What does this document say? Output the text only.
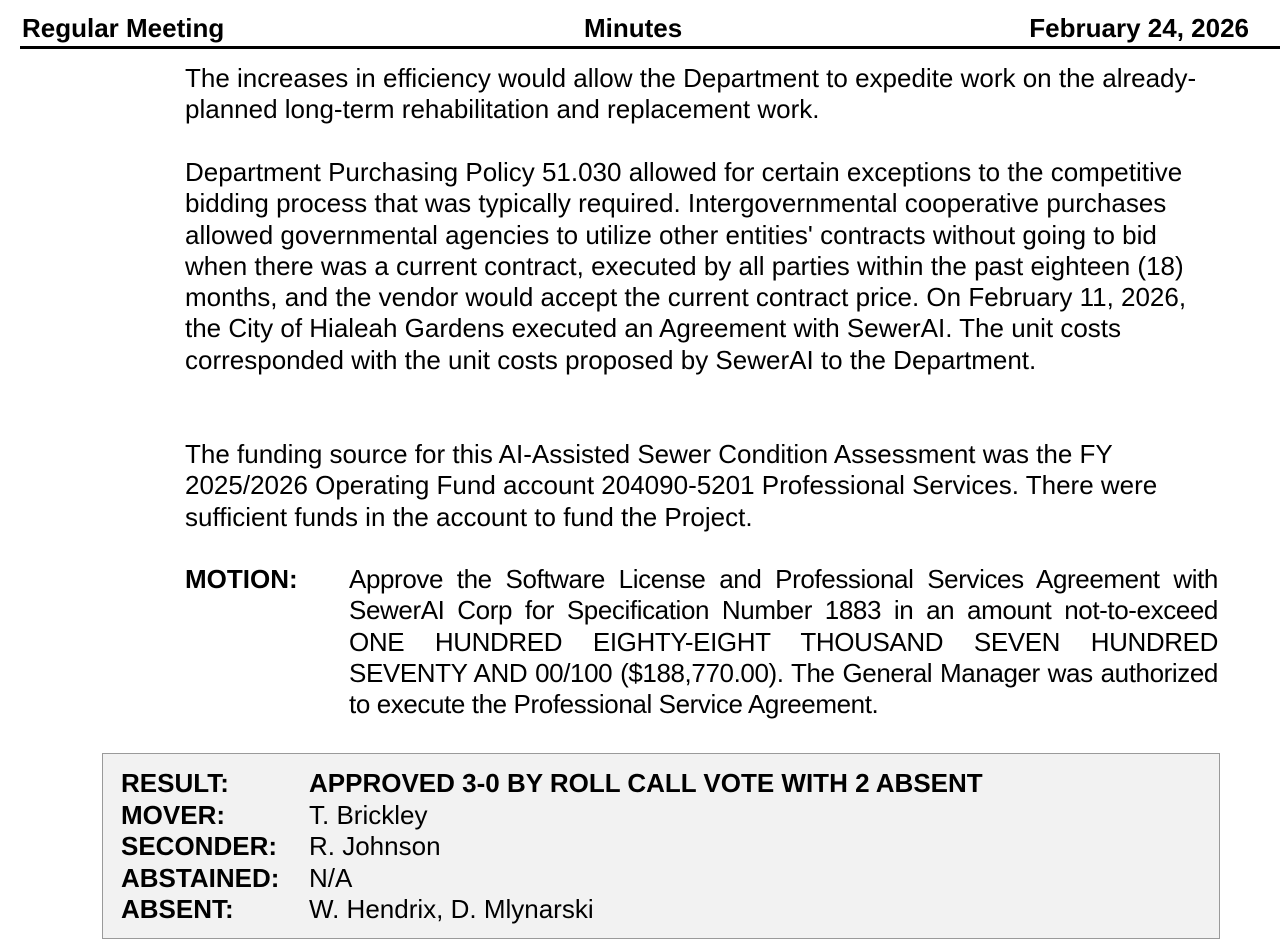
Regular Meeting	Minutes	February 24, 2026

The increases in efficiency would allow the Department to expedite work on the already-planned long-term rehabilitation and replacement work.

Department Purchasing Policy 51.030 allowed for certain exceptions to the competitive bidding process that was typically required. Intergovernmental cooperative purchases allowed governmental agencies to utilize other entities' contracts without going to bid when there was a current contract, executed by all parties within the past eighteen (18) months, and the vendor would accept the current contract price. On February 11, 2026, the City of Hialeah Gardens executed an Agreement with SewerAI. The unit costs corresponded with the unit costs proposed by SewerAI to the Department.

The funding source for this AI-Assisted Sewer Condition Assessment was the FY 2025/2026 Operating Fund account 204090-5201 Professional Services. There were sufficient funds in the account to fund the Project.

MOTION: Approve the Software License and Professional Services Agreement with SewerAI Corp for Specification Number 1883 in an amount not-to-exceed ONE HUNDRED EIGHTY-EIGHT THOUSAND SEVEN HUNDRED SEVENTY AND 00/100 ($188,770.00). The General Manager was authorized to execute the Professional Service Agreement.

RESULT:	APPROVED 3-0 BY ROLL CALL VOTE WITH 2 ABSENT
MOVER:	T. Brickley
SECONDER: R. Johnson
ABSTAINED: N/A
ABSENT:	W. Hendrix, D. Mlynarski
